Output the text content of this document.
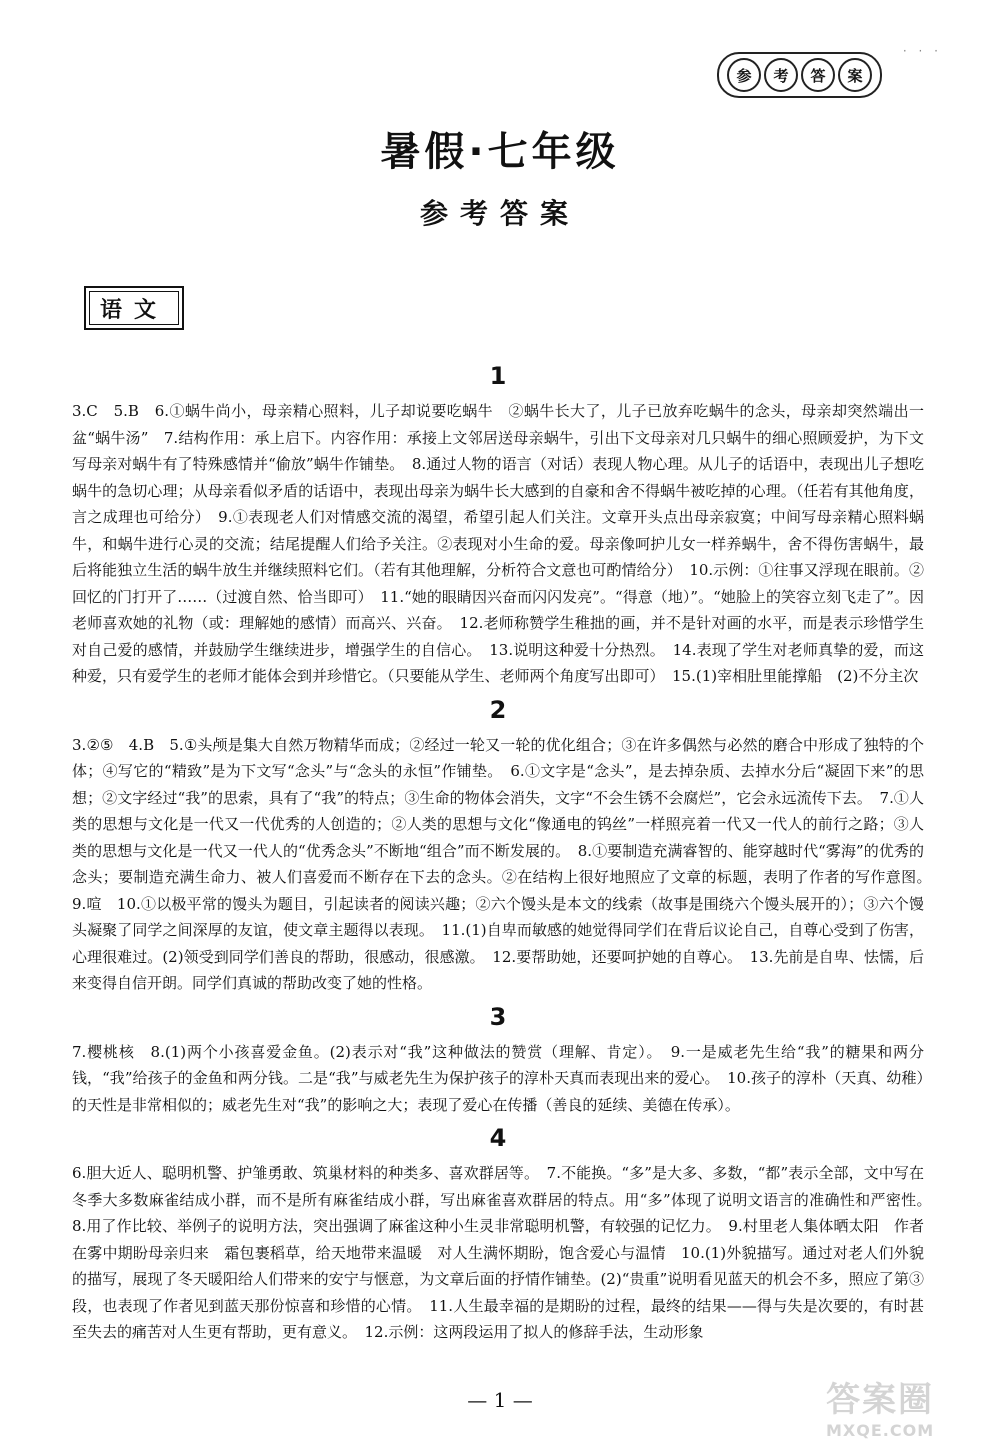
· · ·
参	考	答	案
暑假·七年级
参考答案
语文
1

3.C　5.B　6.①蜗牛尚小，母亲精心照料，儿子却说要吃蜗牛　②蜗牛长大了，儿子已放弃吃蜗牛的念头，母亲却突然端出一盆“蜗牛汤”　7.结构作用：承上启下。内容作用：承接上文邻居送母亲蜗牛，引出下文母亲对几只蜗牛的细心照顾爱护，为下文写母亲对蜗牛有了特殊感情并“偷放”蜗牛作铺垫。　8.通过人物的语言（对话）表现人物心理。从儿子的话语中，表现出儿子想吃蜗牛的急切心理；从母亲看似矛盾的话语中，表现出母亲为蜗牛长大感到的自豪和舍不得蜗牛被吃掉的心理。（任若有其他角度，言之成理也可给分）　9.①表现老人们对情感交流的渴望，希望引起人们关注。文章开头点出母亲寂寞；中间写母亲精心照料蜗牛，和蜗牛进行心灵的交流；结尾提醒人们给予关注。②表现对小生命的爱。母亲像呵护儿女一样养蜗牛，舍不得伤害蜗牛，最后将能独立生活的蜗牛放生并继续照料它们。（若有其他理解，分析符合文意也可酌情给分）　10.示例：①往事又浮现在眼前。②回忆的门打开了……（过渡自然、恰当即可）　11.“她的眼睛因兴奋而闪闪发亮”。“得意（地）”。“她脸上的笑容立刻飞走了”。因老师喜欢她的礼物（或：理解她的感情）而高兴、兴奋。　12.老师称赞学生稚拙的画，并不是针对画的水平，而是表示珍惜学生对自己爱的感情，并鼓励学生继续进步，增强学生的自信心。　13.说明这种爱十分热烈。　14.表现了学生对老师真挚的爱，而这种爱，只有爱学生的老师才能体会到并珍惜它。（只要能从学生、老师两个角度写出即可）　15.(1)宰相肚里能撑船　(2)不分主次

2

3.②⑤　4.B　5.①头颅是集大自然万物精华而成；②经过一轮又一轮的优化组合；③在许多偶然与必然的磨合中形成了独特的个体；④写它的“精致”是为下文写“念头”与“念头的永恒”作铺垫。　6.①文字是“念头”，是去掉杂质、去掉水分后“凝固下来”的思想；②文字经过“我”的思索，具有了“我”的特点；③生命的物体会消失，文字“不会生锈不会腐烂”，它会永远流传下去。　7.①人类的思想与文化是一代又一代优秀的人创造的；②人类的思想与文化“像通电的钨丝”一样照亮着一代又一代人的前行之路；③人类的思想与文化是一代又一代人的“优秀念头”不断地“组合”而不断发展的。　8.①要制造充满睿智的、能穿越时代“雾海”的优秀的念头；要制造充满生命力、被人们喜爱而不断存在下去的念头。②在结构上很好地照应了文章的标题，表明了作者的写作意图。　9.喧　10.①以极平常的馒头为题目，引起读者的阅读兴趣；②六个馒头是本文的线索（故事是围绕六个馒头展开的）；③六个馒头凝聚了同学之间深厚的友谊，使文章主题得以表现。　11.(1)自卑而敏感的她觉得同学们在背后议论自己，自尊心受到了伤害，心理很难过。(2)领受到同学们善良的帮助，很感动，很感激。　12.要帮助她，还要呵护她的自尊心。　13.先前是自卑、怯懦，后来变得自信开朗。同学们真诚的帮助改变了她的性格。

3

7.樱桃核　8.(1)两个小孩喜爱金鱼。(2)表示对“我”这种做法的赞赏（理解、肯定）。　9.一是威老先生给“我”的糖果和两分钱，“我”给孩子的金鱼和两分钱。二是“我”与威老先生为保护孩子的淳朴天真而表现出来的爱心。　10.孩子的淳朴（天真、幼稚）的天性是非常相似的；威老先生对“我”的影响之大；表现了爱心在传播（善良的延续、美德在传承）。

4

6.胆大近人、聪明机警、护雏勇敢、筑巢材料的种类多、喜欢群居等。　7.不能换。“多”是大多、多数，“都”表示全部，文中写在冬季大多数麻雀结成小群，而不是所有麻雀结成小群，写出麻雀喜欢群居的特点。用“多”体现了说明文语言的准确性和严密性。　8.用了作比较、举例子的说明方法，突出强调了麻雀这种小生灵非常聪明机警，有较强的记忆力。　9.村里老人集体晒太阳　作者在雾中期盼母亲归来　霜包裹稻草，给天地带来温暖　对人生满怀期盼，饱含爱心与温情　10.(1)外貌描写。通过对老人们外貌的描写，展现了冬天暖阳给人们带来的安宁与惬意，为文章后面的抒情作铺垫。(2)“贵重”说明看见蓝天的机会不多，照应了第③段，也表现了作者见到蓝天那份惊喜和珍惜的心情。　11.人生最幸福的是期盼的过程，最终的结果——得与失是次要的，有时甚至失去的痛苦对人生更有帮助，更有意义。　12.示例：这两段运用了拟人的修辞手法，生动形象

— 1 —	答案圈
MXQE.COM
